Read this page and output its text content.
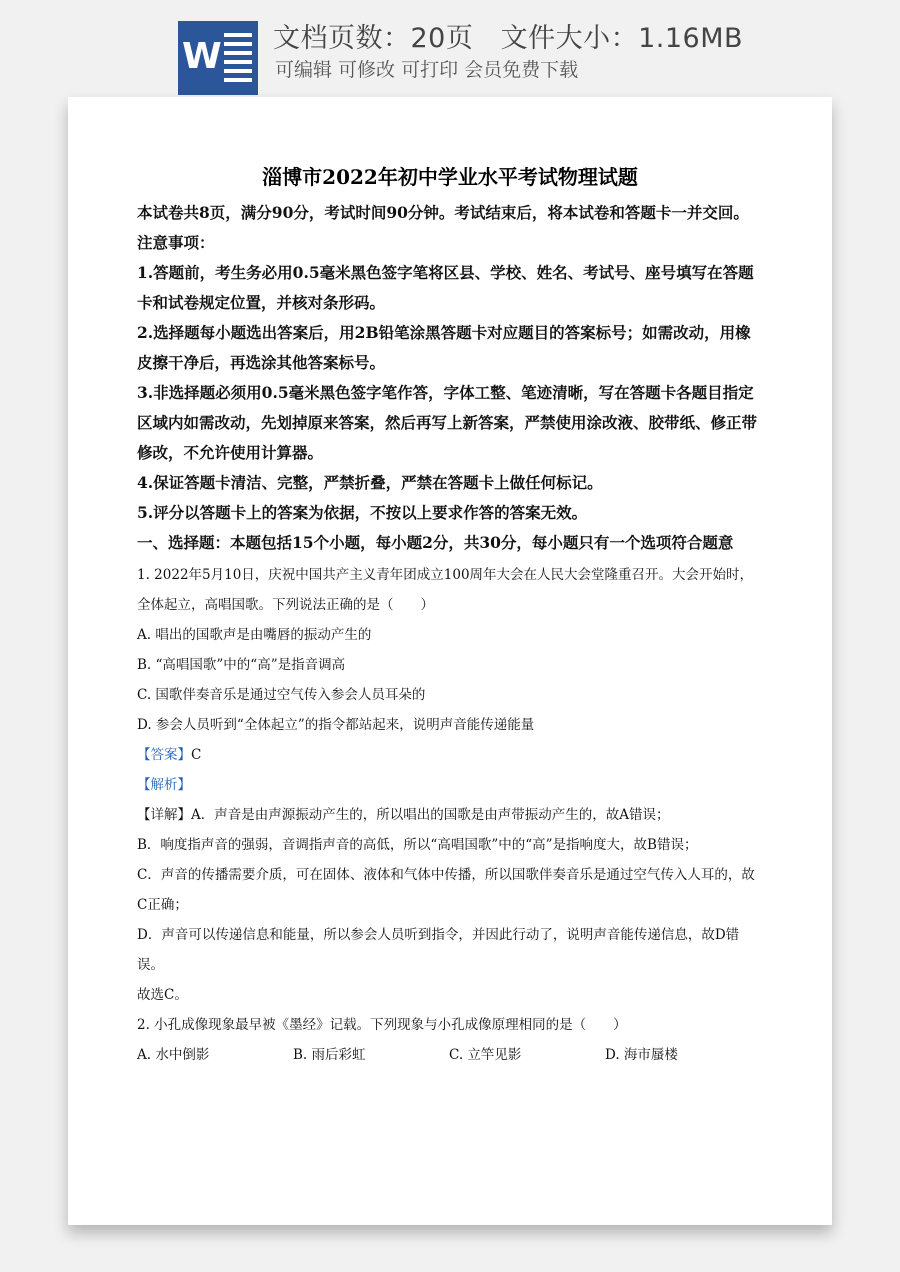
W 文档页数：20页   文件大小：1.16MB
可编辑 可修改 可打印 会员免费下载
淄博市2022年初中学业水平考试物理试题
本试卷共8页，满分90分，考试时间90分钟。考试结束后，将本试卷和答题卡一并交回。
注意事项：
1.答题前，考生务必用0.5毫米黑色签字笔将区县、学校、姓名、考试号、座号填写在答题
卡和试卷规定位置，并核对条形码。
2.选择题每小题选出答案后，用2B铅笔涂黑答题卡对应题目的答案标号；如需改动，用橡
皮擦干净后，再选涂其他答案标号。
3.非选择题必须用0.5毫米黑色签字笔作答，字体工整、笔迹清晰，写在答题卡各题目指定
区域内如需改动，先划掉原来答案，然后再写上新答案，严禁使用涂改液、胶带纸、修正带
修改，不允许使用计算器。
4.保证答题卡清洁、完整，严禁折叠，严禁在答题卡上做任何标记。
5.评分以答题卡上的答案为依据，不按以上要求作答的答案无效。
一、选择题：本题包括15个小题，每小题2分，共30分，每小题只有一个选项符合题意
1. 2022年5月10日，庆祝中国共产主义青年团成立100周年大会在人民大会堂隆重召开。大会开始时，
全体起立，高唱国歌。下列说法正确的是（　　）
A. 唱出的国歌声是由嘴唇的振动产生的
B. “高唱国歌”中的“高”是指音调高
C. 国歌伴奏音乐是通过空气传入参会人员耳朵的
D. 参会人员听到“全体起立”的指令都站起来，说明声音能传递能量
【答案】C
【解析】
【详解】A．声音是由声源振动产生的，所以唱出的国歌是由声带振动产生的，故A错误；
B．响度指声音的强弱，音调指声音的高低，所以“高唱国歌”中的“高”是指响度大，故B错误；
C．声音的传播需要介质，可在固体、液体和气体中传播，所以国歌伴奏音乐是通过空气传入人耳的，故
C正确；
D．声音可以传递信息和能量，所以参会人员听到指令，并因此行动了，说明声音能传递信息，故D错
误。
故选C。
2. 小孔成像现象最早被《墨经》记载。下列现象与小孔成像原理相同的是（　　）
A. 水中倒影	B. 雨后彩虹	C. 立竿见影	D. 海市蜃楼
